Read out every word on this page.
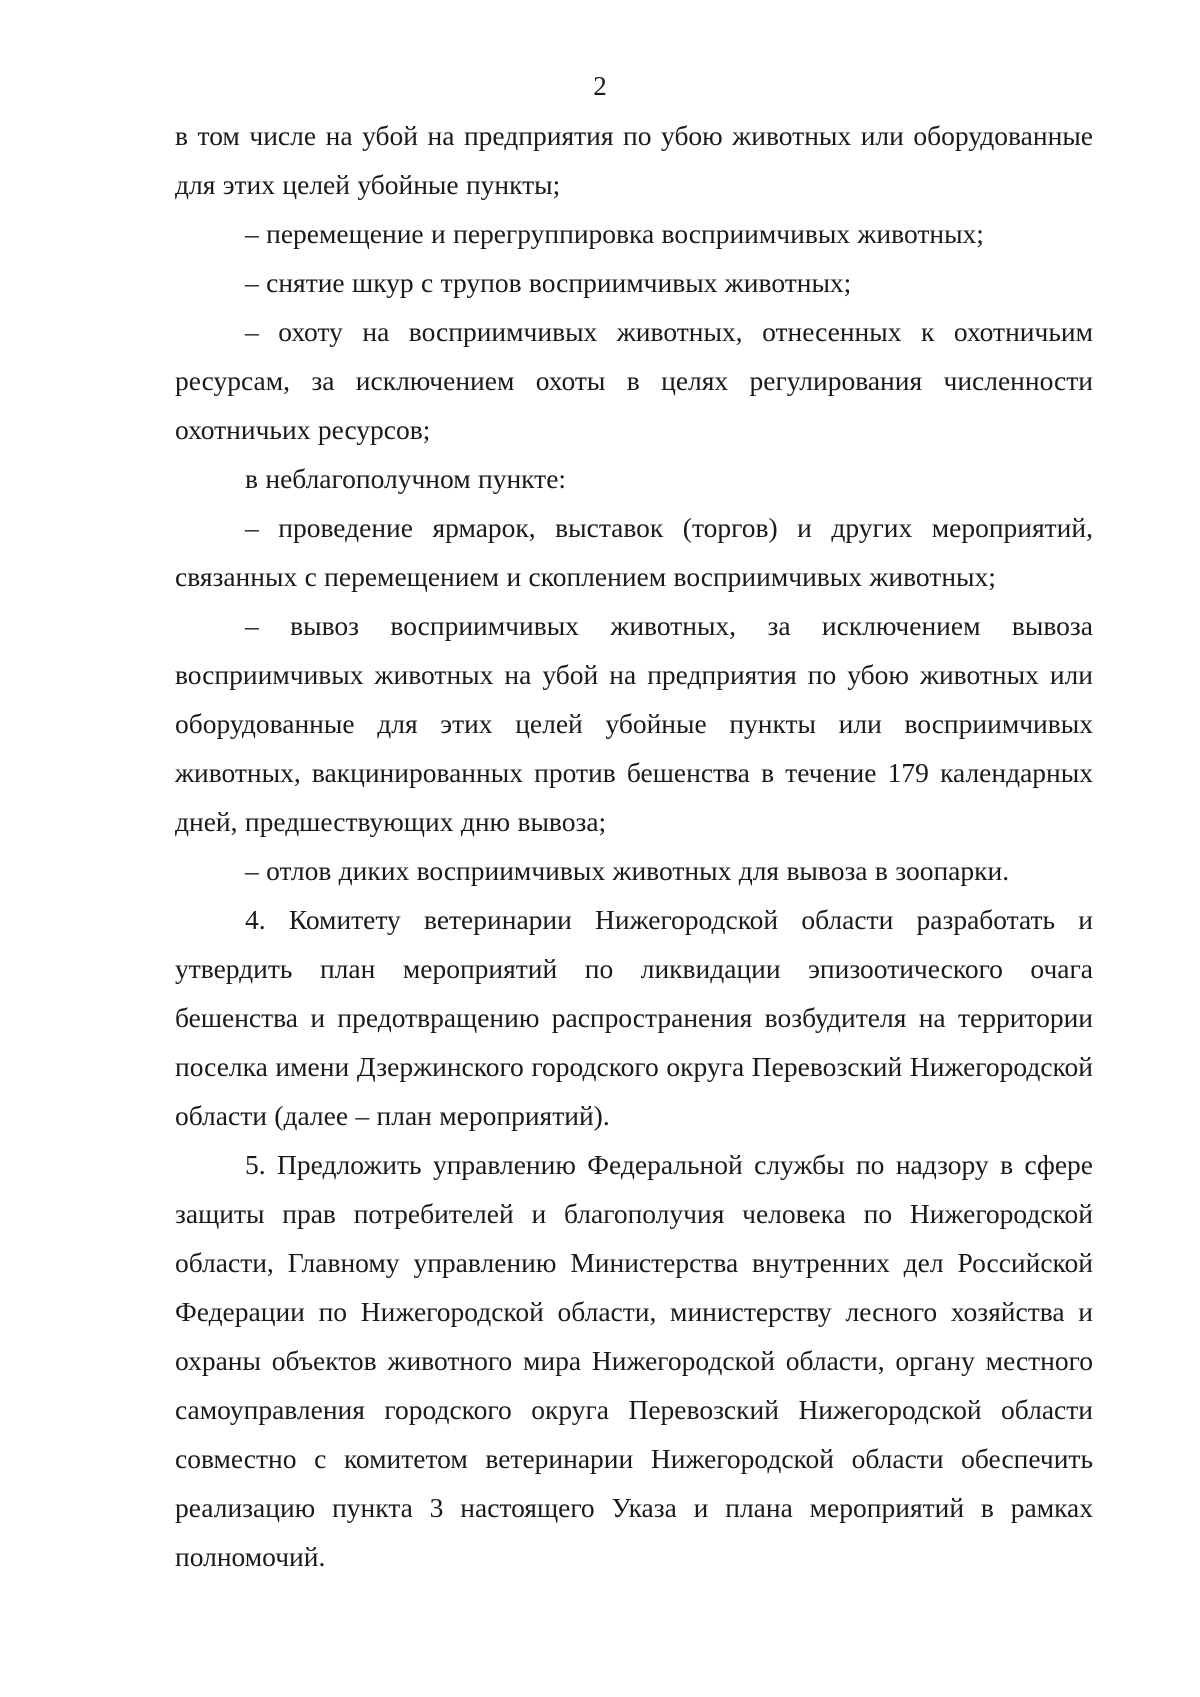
2

в том числе на убой на предприятия по убою животных или оборудованные для этих целей убойные пункты;

– перемещение и перегруппировка восприимчивых животных;

– снятие шкур с трупов восприимчивых животных;

– охоту на восприимчивых животных, отнесенных к охотничьим ресурсам, за исключением охоты в целях регулирования численности охотничьих ресурсов;

в неблагополучном пункте:

– проведение ярмарок, выставок (торгов) и других мероприятий, связанных с перемещением и скоплением восприимчивых животных;

– вывоз восприимчивых животных, за исключением вывоза восприимчивых животных на убой на предприятия по убою животных или оборудованные для этих целей убойные пункты или восприимчивых животных, вакцинированных против бешенства в течение 179 календарных дней, предшествующих дню вывоза;

– отлов диких восприимчивых животных для вывоза в зоопарки.

4. Комитету ветеринарии Нижегородской области разработать и утвердить план мероприятий по ликвидации эпизоотического очага бешенства и предотвращению распространения возбудителя на территории поселка имени Дзержинского городского округа Перевозский Нижегородской области (далее – план мероприятий).

5. Предложить управлению Федеральной службы по надзору в сфере защиты прав потребителей и благополучия человека по Нижегородской области, Главному управлению Министерства внутренних дел Российской Федерации по Нижегородской области, министерству лесного хозяйства и охраны объектов животного мира Нижегородской области, органу местного самоуправления городского округа Перевозский Нижегородской области совместно с комитетом ветеринарии Нижегородской области обеспечить реализацию пункта 3 настоящего Указа и плана мероприятий в рамках полномочий.
